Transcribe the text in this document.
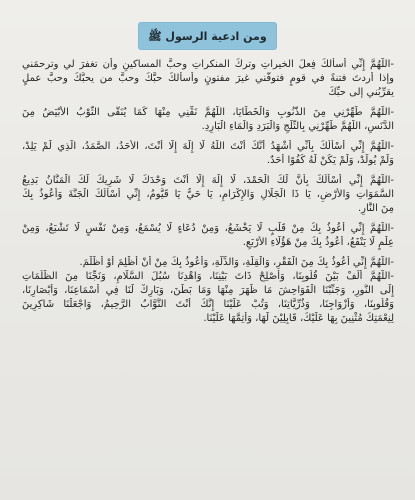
ومن ادعية الرسول ﷺ
-اللَّهُمَّ إِنِّي أَسأَلكَ فِعلَ الخيراتِ وتركَ المنكراتِ وحبَّ المساكينِ وأن تغفرَ لي وترحمَني
وإذا أردتَ فتنةً في قومٍ فتوفَّني غيرَ مفتونٍ وأسألكَ حبَّكَ وحبَّ من يحبُّكَ وحبَّ عملٍ
يقرِّبُني إلى حبِّكَ
-اللَّهُمَّ طَهِّرْنِي مِنَ الذُّنُوبِ وَالْخَطَايَا، اللَّهُمَّ نَقِّنِي مِنْهَا كَمَا يُنَقَّى الثَّوْبُ الأَبْيَضُ مِنَ
الدَّنَسِ، اللَّهُمَّ طَهِّرْنِي بِالثَّلْجِ وَالْبَرَدِ وَالْمَاءِ الْبَارِدِ.
-اللَّهُمَّ إِنِّي أَسْأَلُكَ بِأَنِّي أَشْهَدُ أَنَّكَ أَنْتَ اللَّهُ لَا إِلَهَ إِلَّا أَنْتَ، الأَحَدُ، الصَّمَدُ، الَّذِي لَمْ يَلِدْ،
وَلَمْ يُولَدْ، وَلَمْ يَكُنْ لَهُ كُفُوًا أَحَدٌ.
-اللَّهُمَّ إِنِّي أَسْأَلُكَ بِأَنَّ لَكَ الْحَمْدَ، لَا إِلَهَ إِلَّا أَنْتَ وَحْدَكَ لَا شَرِيكَ لَكَ الْمَنَّانُ بَدِيعُ
السَّمَوَاتِ وَالأَرْضِ، يَا ذَا الْجَلَالِ وَالإِكْرَامِ، يَا حَيُّ يَا قَيُّومُ، إِنِّي أَسْأَلُكَ الْجَنَّةَ وَأَعُوذُ بِكَ
مِنَ النَّارِ.
-اللَّهُمَّ إِنِّي أَعُوذُ بِكَ مِنْ قَلْبٍ لَا يَخْشَعُ، وَمِنْ دُعَاءٍ لَا يُسْمَعُ، وَمِنْ نَفْسٍ لَا تَشْبَعُ، وَمِنْ
عِلْمٍ لَا يَنْفَعُ، أَعُوذُ بِكَ مِنْ هَؤُلَاءِ الأَرْبَعِ.
-اللَّهُمَّ إِنِّي أَعُوذُ بِكَ مِنَ الْفَقْرِ، وَالْقِلَّةِ، وَالذِّلَّةِ، وَأَعُوذُ بِكَ مِنْ أَنْ أَظْلِمَ أَوْ أُظْلَمَ.
-اللَّهُمَّ أَلِّفْ بَيْنَ قُلُوبِنَا، وَأَصْلِحْ ذَاتَ بَيْنِنَا، وَاهْدِنَا سُبُلَ السَّلَامِ، وَنَجِّنَا مِنَ الظُّلُمَاتِ
إِلَى النُّورِ، وَجَنِّبْنَا الْفَوَاحِشَ مَا ظَهَرَ مِنْهَا وَمَا بَطَنَ، وَبَارِكْ لَنَا فِي أَسْمَاعِنَا، وَأَبْصَارِنَا،
وَقُلُوبِنَا، وَأَزْوَاجِنَا، وَذُرِّيَّاتِنَا، وَتُبْ عَلَيْنَا إِنَّكَ أَنْتَ التَّوَّابُ الرَّحِيمُ، وَاجْعَلْنَا شَاكِرِينَ
لِنِعْمَتِكَ مُثْنِينَ بِهَا عَلَيْكَ، قَابِلِيْنَ لَهَا، وَأَتِمَّهَا عَلَيْنَا.
